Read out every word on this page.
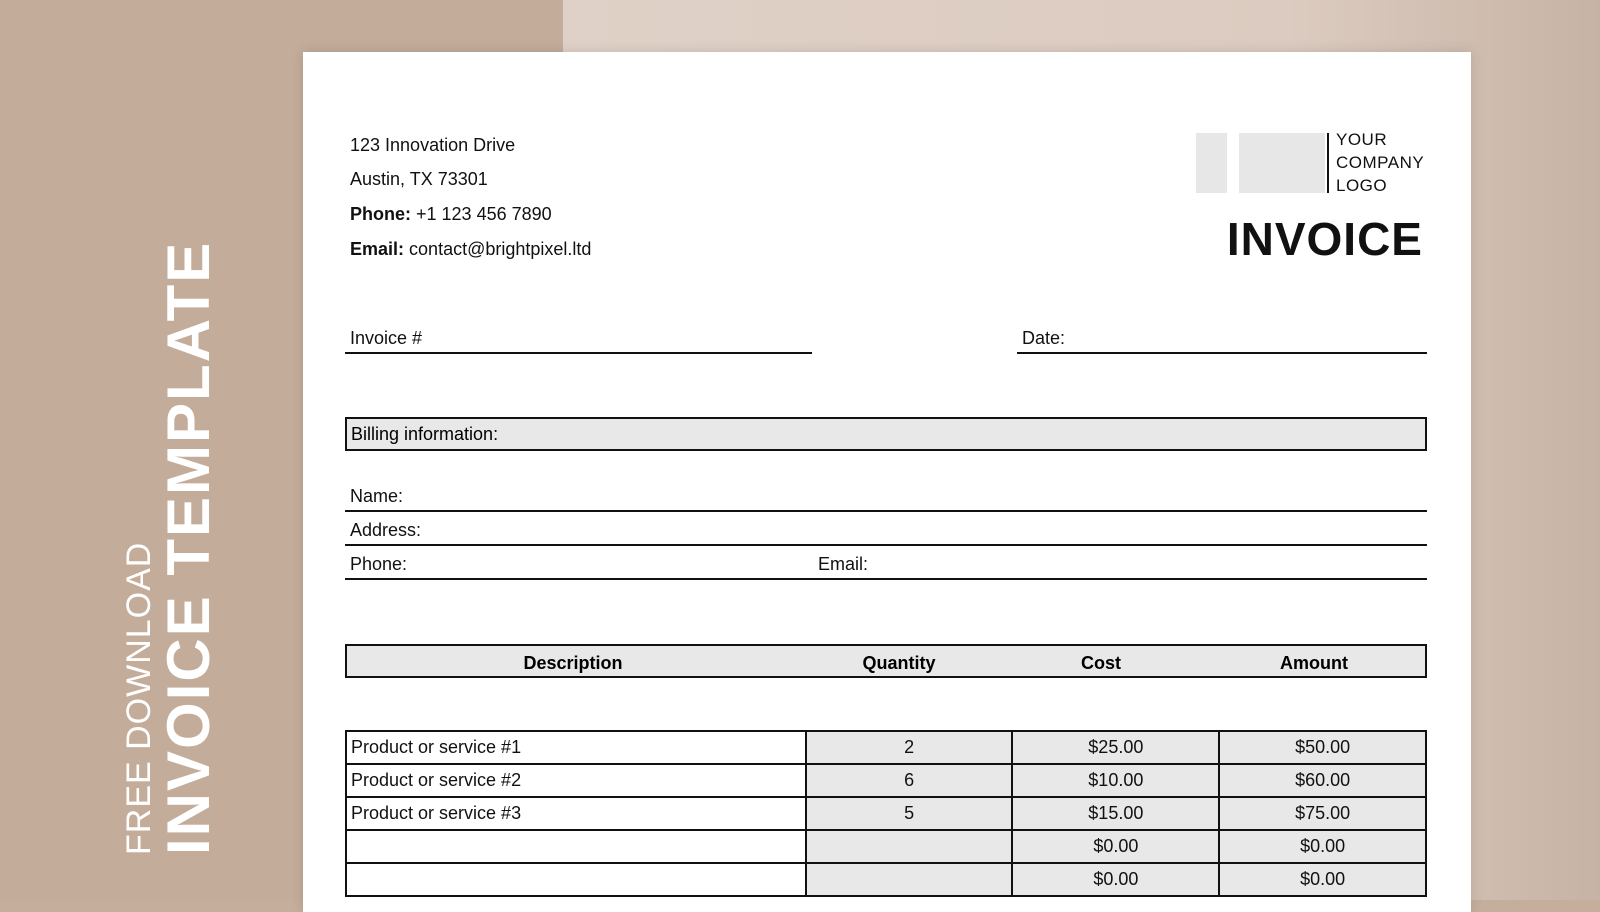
FREE DOWNLOAD
INVOICE TEMPLATE
123 Innovation Drive
Austin, TX 73301
Phone: +1 123 456 7890
Email: contact@brightpixel.ltd
YOUR
COMPANY
LOGO
INVOICE
Invoice #	Date:
Billing information:
Name:
Address:
Phone:	Email:
Description	Quantity	Cost	Amount
Product or service #1	2	$25.00	$50.00
Product or service #2	6	$10.00	$60.00
Product or service #3	5	$15.00	$75.00
		$0.00	$0.00
		$0.00	$0.00
